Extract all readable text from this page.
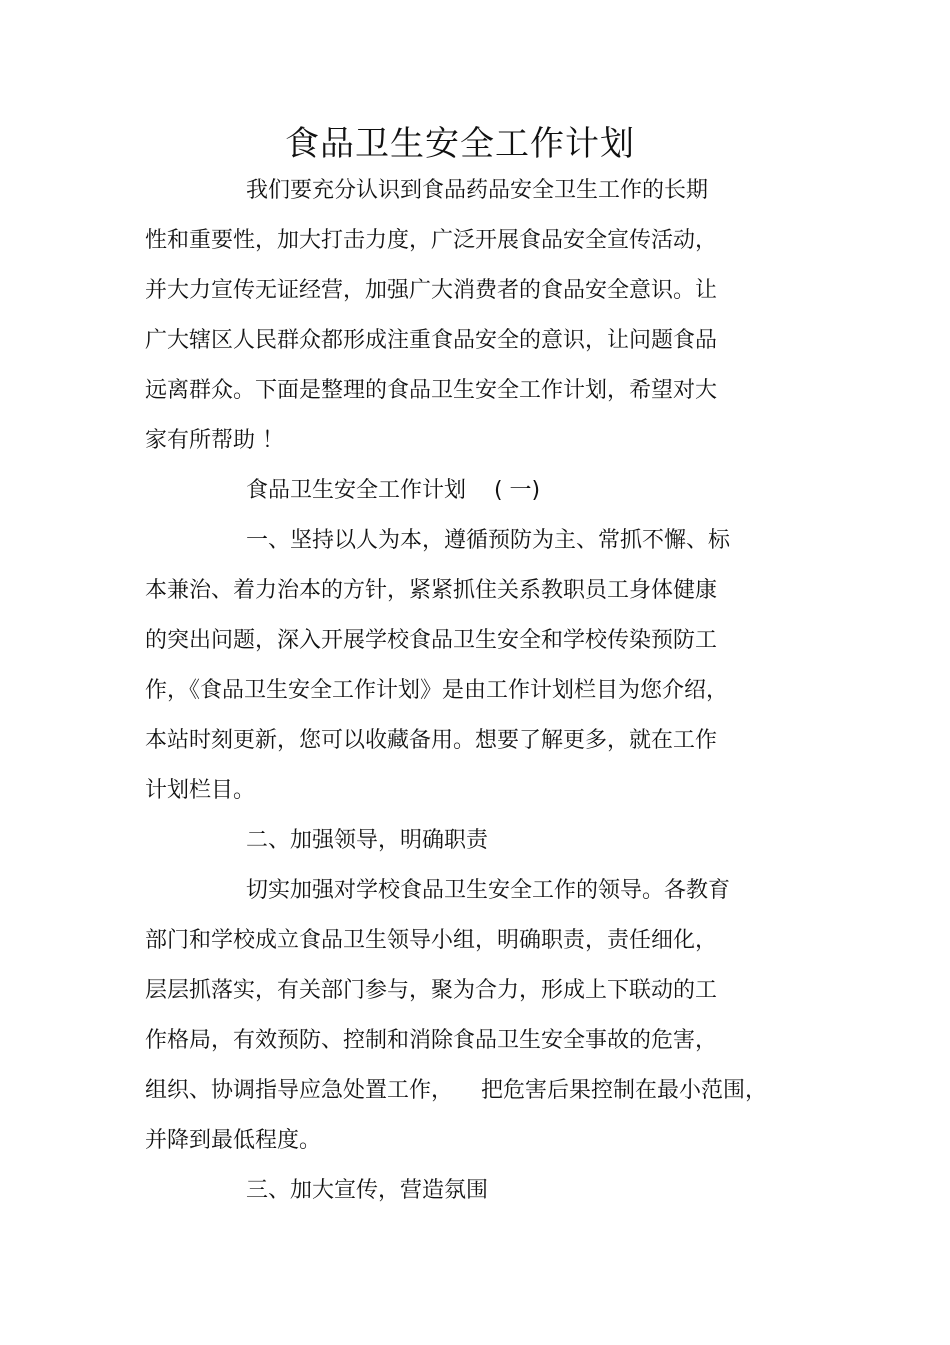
食品卫生安全工作计划
我们要充分认识到食品药品安全卫生工作的长期
性和重要性，加大打击力度，广泛开展食品安全宣传活动，
并大力宣传无证经营，加强广大消费者的食品安全意识。让
广大辖区人民群众都形成注重食品安全的意识，让问题食品
远离群众。下面是整理的食品卫生安全工作计划，希望对大
家有所帮助 ！
食品卫生安全工作计划    ( 一)
一、坚持以人为本，遵循预防为主、常抓不懈、标
本兼治、着力治本的方针，紧紧抓住关系教职员工身体健康
的突出问题，深入开展学校食品卫生安全和学校传染预防工
作，《食品卫生安全工作计划》是由工作计划栏目为您介绍，
本站时刻更新，您可以收藏备用。想要了解更多，就在工作
计划栏目。
二、加强领导，明确职责
切实加强对学校食品卫生安全工作的领导。各教育
部门和学校成立食品卫生领导小组，明确职责，责任细化，
层层抓落实，有关部门参与，聚为合力，形成上下联动的工
作格局，有效预防、控制和消除食品卫生安全事故的危害，
组织、协调指导应急处置工作，    把危害后果控制在最小范围，
并降到最低程度。
三、加大宣传，营造氛围
